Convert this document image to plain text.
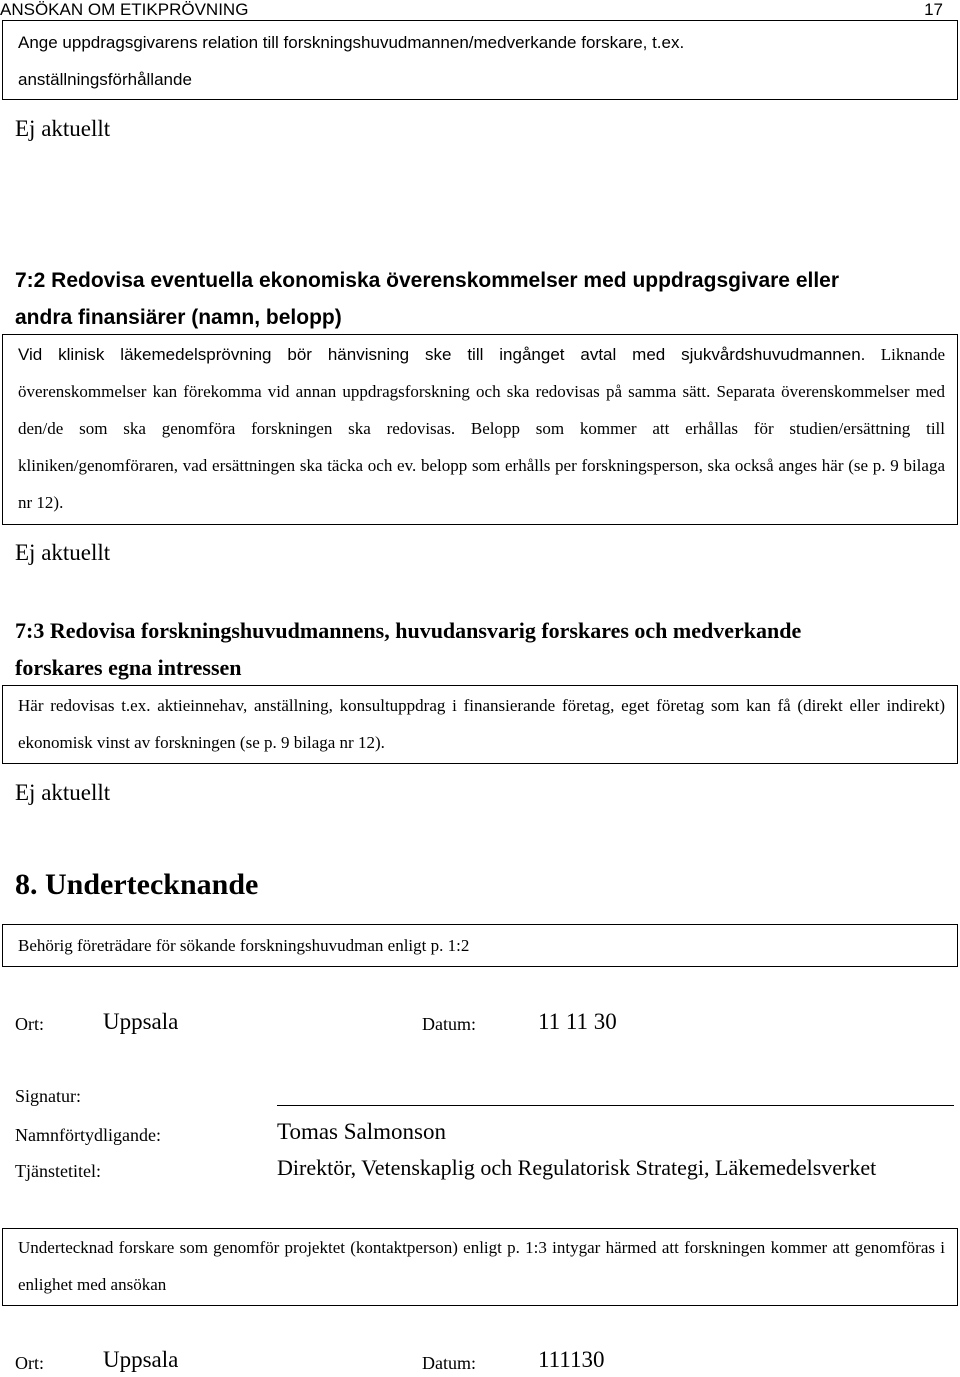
ANSÖKAN OM ETIKPRÖVNING	17
Ange uppdragsgivarens relation till forskningshuvudmannen/medverkande forskare, t.ex.
anställningsförhållande
Ej aktuellt
7:2 Redovisa eventuella ekonomiska överenskommelser med uppdragsgivare eller
andra finansiärer (namn, belopp)
Vid klinisk läkemedelsprövning bör hänvisning ske till ingånget avtal med sjukvårdshuvudmannen. Liknande överenskommelser kan förekomma vid annan uppdragsforskning och ska redovisas på samma sätt. Separata överenskommelser med den/de som ska genomföra forskningen ska redovisas. Belopp som kommer att erhållas för studien/ersättning till kliniken/genomföraren, vad ersättningen ska täcka och ev. belopp som erhålls per forskningsperson, ska också anges här (se p. 9 bilaga nr 12).
Ej aktuellt
7:3 Redovisa forskningshuvudmannens, huvudansvarig forskares och medverkande
forskares egna intressen
Här redovisas t.ex. aktieinnehav, anställning, konsultuppdrag i finansierande företag, eget företag som kan få (direkt eller indirekt) ekonomisk vinst av forskningen (se p. 9 bilaga nr 12).
Ej aktuellt
8. Undertecknande
Behörig företrädare för sökande forskningshuvudman enligt p. 1:2
Ort:	Uppsala	Datum:	11 11 30
Signatur:
Namnförtydligande:	Tomas Salmonson
Tjänstetitel:	Direktör, Vetenskaplig och Regulatorisk Strategi, Läkemedelsverket
Undertecknad forskare som genomför projektet (kontaktperson) enligt p. 1:3 intygar härmed att forskningen kommer att genomföras i enlighet med ansökan
Ort:	Uppsala	Datum:	111130
